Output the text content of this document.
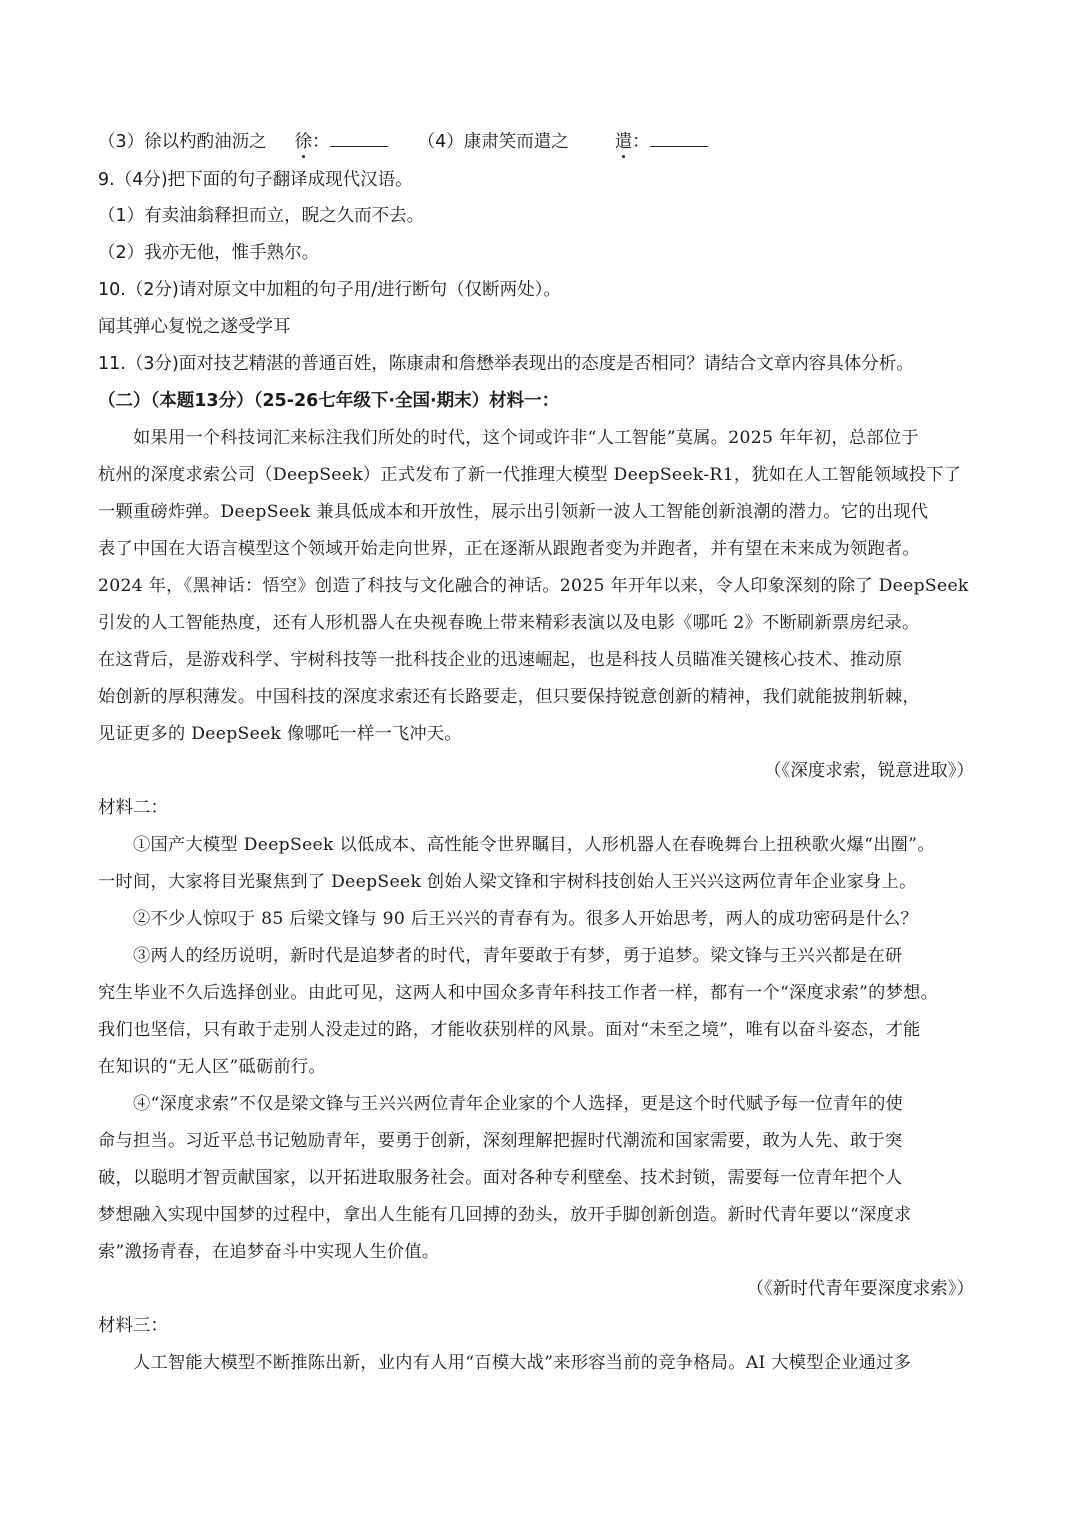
（3）徐以杓酌油沥之 徐：	（4）康肃笑而遣之	遣：
9.（4分)把下面的句子翻译成现代汉语。
（1）有卖油翁释担而立，睨之久而不去。
（2）我亦无他，惟手熟尔。
10.（2分)请对原文中加粗的句子用/进行断句（仅断两处）。
闻其弹心复悦之遂受学耳
11.（3分)面对技艺精湛的普通百姓，陈康肃和詹懋举表现出的态度是否相同？请结合文章内容具体分析。
（二）（本题13分）（25-26七年级下·全国·期末）材料一：
　　如果用一个科技词汇来标注我们所处的时代，这个词或许非“人工智能”莫属。2025 年年初，总部位于
杭州的深度求索公司（DeepSeek）正式发布了新一代推理大模型 DeepSeek-R1，犹如在人工智能领域投下了
一颗重磅炸弹。DeepSeek 兼具低成本和开放性，展示出引领新一波人工智能创新浪潮的潜力。它的出现代
表了中国在大语言模型这个领域开始走向世界，正在逐渐从跟跑者变为并跑者，并有望在未来成为领跑者。
2024 年，《黑神话：悟空》创造了科技与文化融合的神话。2025 年开年以来，令人印象深刻的除了 DeepSeek
引发的人工智能热度，还有人形机器人在央视春晚上带来精彩表演以及电影《哪吒 2》不断刷新票房纪录。
在这背后，是游戏科学、宇树科技等一批科技企业的迅速崛起，也是科技人员瞄准关键核心技术、推动原
始创新的厚积薄发。中国科技的深度求索还有长路要走，但只要保持锐意创新的精神，我们就能披荆斩棘，
见证更多的 DeepSeek 像哪吒一样一飞冲天。
（《深度求索，锐意进取》）
材料二：
　　①国产大模型 DeepSeek 以低成本、高性能令世界瞩目，人形机器人在春晚舞台上扭秧歌火爆“出圈”。
一时间，大家将目光聚焦到了 DeepSeek 创始人梁文锋和宇树科技创始人王兴兴这两位青年企业家身上。
　　②不少人惊叹于 85 后梁文锋与 90 后王兴兴的青春有为。很多人开始思考，两人的成功密码是什么？
　　③两人的经历说明，新时代是追梦者的时代，青年要敢于有梦，勇于追梦。梁文锋与王兴兴都是在研
究生毕业不久后选择创业。由此可见，这两人和中国众多青年科技工作者一样，都有一个“深度求索”的梦想。
我们也坚信，只有敢于走别人没走过的路，才能收获别样的风景。面对“未至之境”，唯有以奋斗姿态，才能
在知识的“无人区”砥砺前行。
　　④“深度求索”不仅是梁文锋与王兴兴两位青年企业家的个人选择，更是这个时代赋予每一位青年的使
命与担当。习近平总书记勉励青年，要勇于创新，深刻理解把握时代潮流和国家需要，敢为人先、敢于突
破，以聪明才智贡献国家，以开拓进取服务社会。面对各种专利壁垒、技术封锁，需要每一位青年把个人
梦想融入实现中国梦的过程中，拿出人生能有几回搏的劲头，放开手脚创新创造。新时代青年要以“深度求
索”激扬青春，在追梦奋斗中实现人生价值。
（《新时代青年要深度求索》）
材料三：
　　人工智能大模型不断推陈出新，业内有人用“百模大战”来形容当前的竞争格局。AI 大模型企业通过多
